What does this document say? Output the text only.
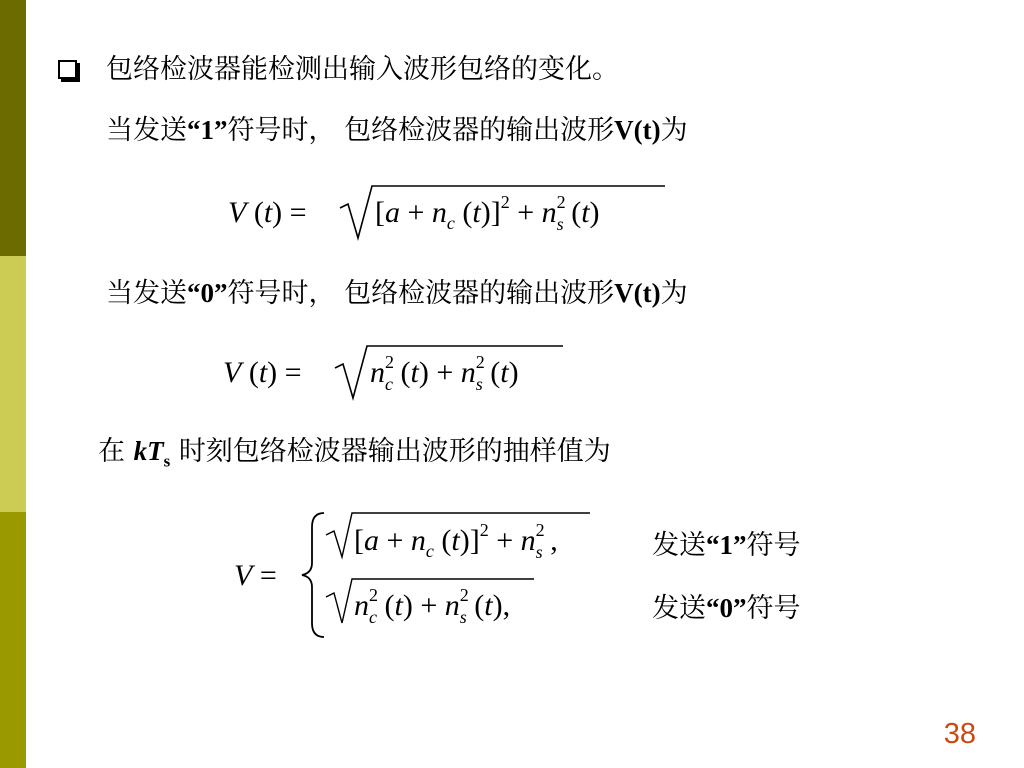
包络检波器能检测出输入波形包络的变化。
当发送“1”符号时， 包络检波器的输出波形V(t)为
V $(t) = [a + n_c$ $(t)]^2 + n^2$ s (t)
当发送“0”符号时， 包络检波器的输出波形V(t)为
V $(t) = n^2$ c $(t) + n^2$ s (t)
在 $kT_s$ 时刻包络检波器输出波形的抽样值为
V =
[$a + n_c$ $(t)]^2 + n^2$ s ,
$n^2$ c $(t) + n^2$ s (t),
发送“1”符号
发送“0”符号
38
